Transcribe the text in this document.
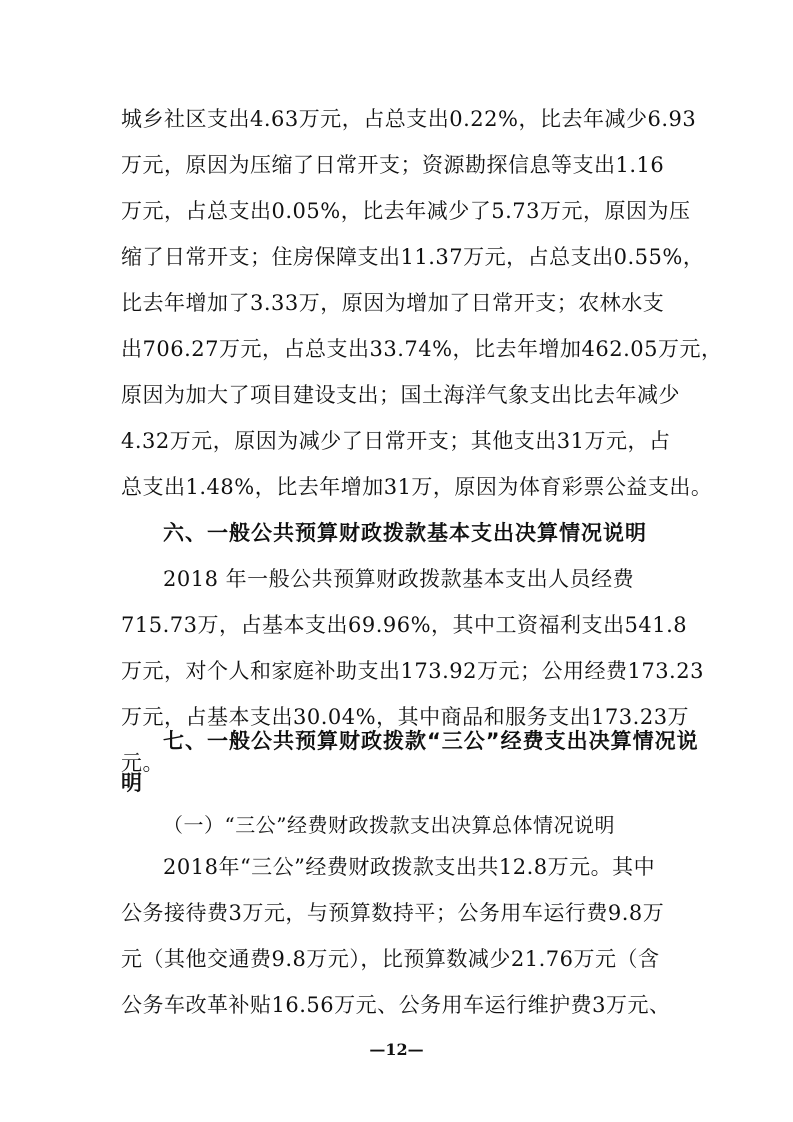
城乡社区支出4.63万元，占总支出0.22%，比去年减少6.93
万元，原因为压缩了日常开支；资源勘探信息等支出1.16
万元，占总支出0.05%，比去年减少了5.73万元，原因为压
缩了日常开支；住房保障支出11.37万元，占总支出0.55%，
比去年增加了3.33万，原因为增加了日常开支；农林水支
出706.27万元，占总支出33.74%，比去年增加462.05万元，
原因为加大了项目建设支出；国土海洋气象支出比去年减少
4.32万元，原因为减少了日常开支；其他支出31万元，占
总支出1.48%，比去年增加31万，原因为体育彩票公益支出。
六、一般公共预算财政拨款基本支出决算情况说明
2018 年一般公共预算财政拨款基本支出人员经费
715.73万，占基本支出69.96%，其中工资福利支出541.8
万元，对个人和家庭补助支出173.92万元；公用经费173.23
万元，占基本支出30.04%，其中商品和服务支出173.23万
元。
七、一般公共预算财政拨款“三公”经费支出决算情况说
明
（一）“三公”经费财政拨款支出决算总体情况说明
—12—
2018年“三公”经费财政拨款支出共12.8万元。其中
公务接待费3万元，与预算数持平；公务用车运行费9.8万
元（其他交通费9.8万元），比预算数减少21.76万元（含
公务车改革补贴16.56万元、公务用车运行维护费3万元、
